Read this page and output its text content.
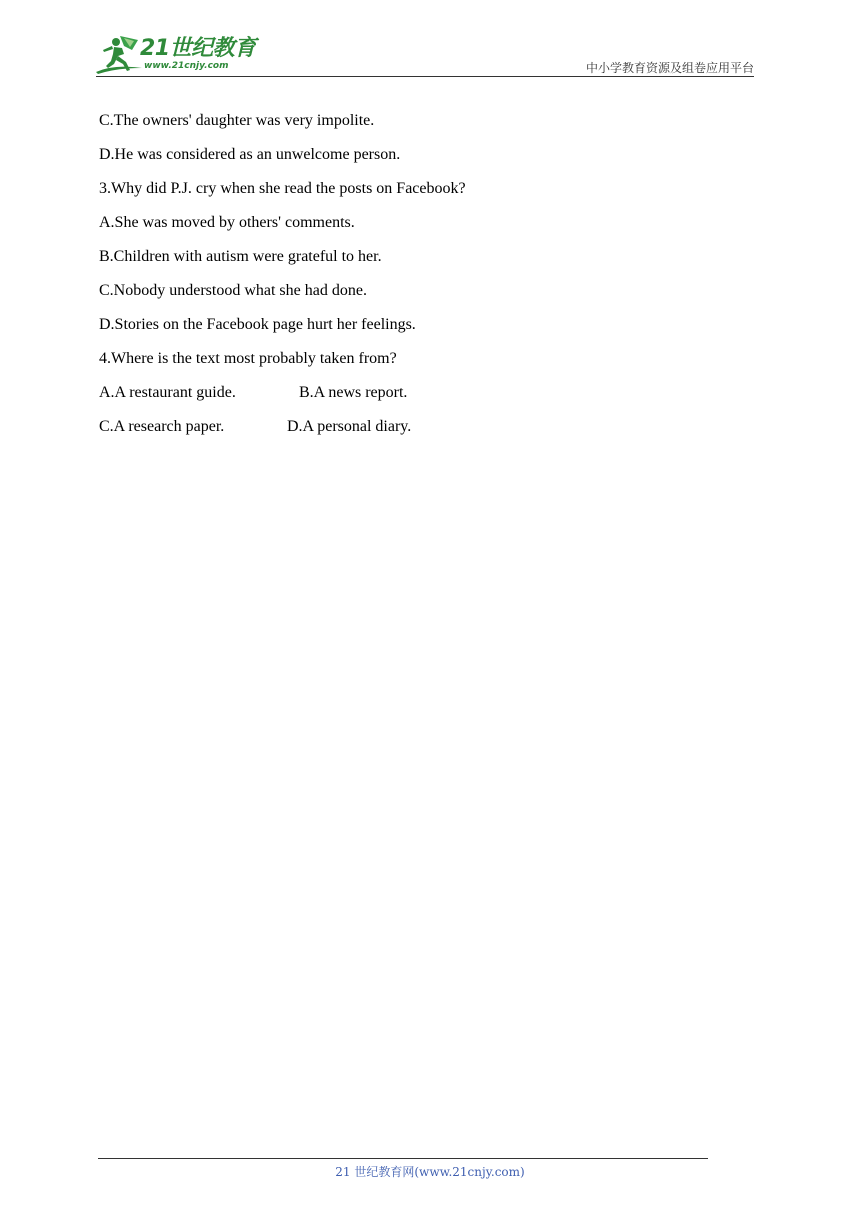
21世纪教育
www.21cnjy.com	中小学教育资源及组卷应用平台
C.The owners' daughter was very impolite.
D.He was considered as an unwelcome person.
3.Why did P.J. cry when she read the posts on Facebook?
A.She was moved by others' comments.
B.Children with autism were grateful to her.
C.Nobody understood what she had done.
D.Stories on the Facebook page hurt her feelings.
4.Where is the text most probably taken from?
A.A restaurant guide.	B.A news report.
C.A research paper.	D.A personal diary.
21 世纪教育网(www.21cnjy.com)
